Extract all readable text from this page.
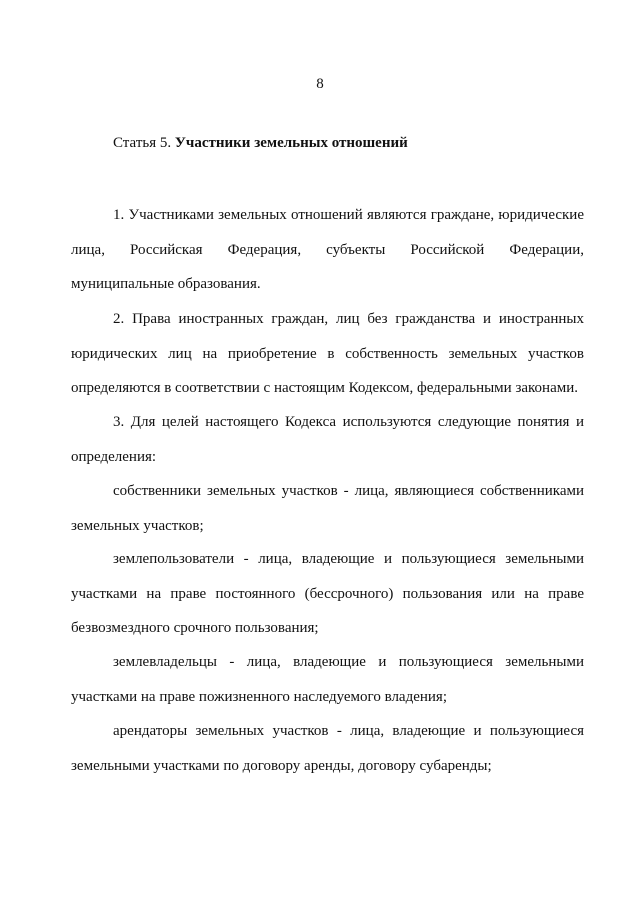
8
Статья 5. Участники земельных отношений
1. Участниками земельных отношений являются граждане, юридические лица, Российская Федерация, субъекты Российской Федерации, муниципальные образования.
2. Права иностранных граждан, лиц без гражданства и иностранных юридических лиц на приобретение в собственность земельных участков определяются в соответствии с настоящим Кодексом, федеральными законами.
3. Для целей настоящего Кодекса используются следующие понятия и определения:
собственники земельных участков - лица, являющиеся собственниками земельных участков;
землепользователи - лица, владеющие и пользующиеся земельными участками на праве постоянного (бессрочного) пользования или на праве безвозмездного срочного пользования;
землевладельцы - лица, владеющие и пользующиеся земельными участками на праве пожизненного наследуемого владения;
арендаторы земельных участков - лица, владеющие и пользующиеся земельными участками по договору аренды, договору субаренды;
